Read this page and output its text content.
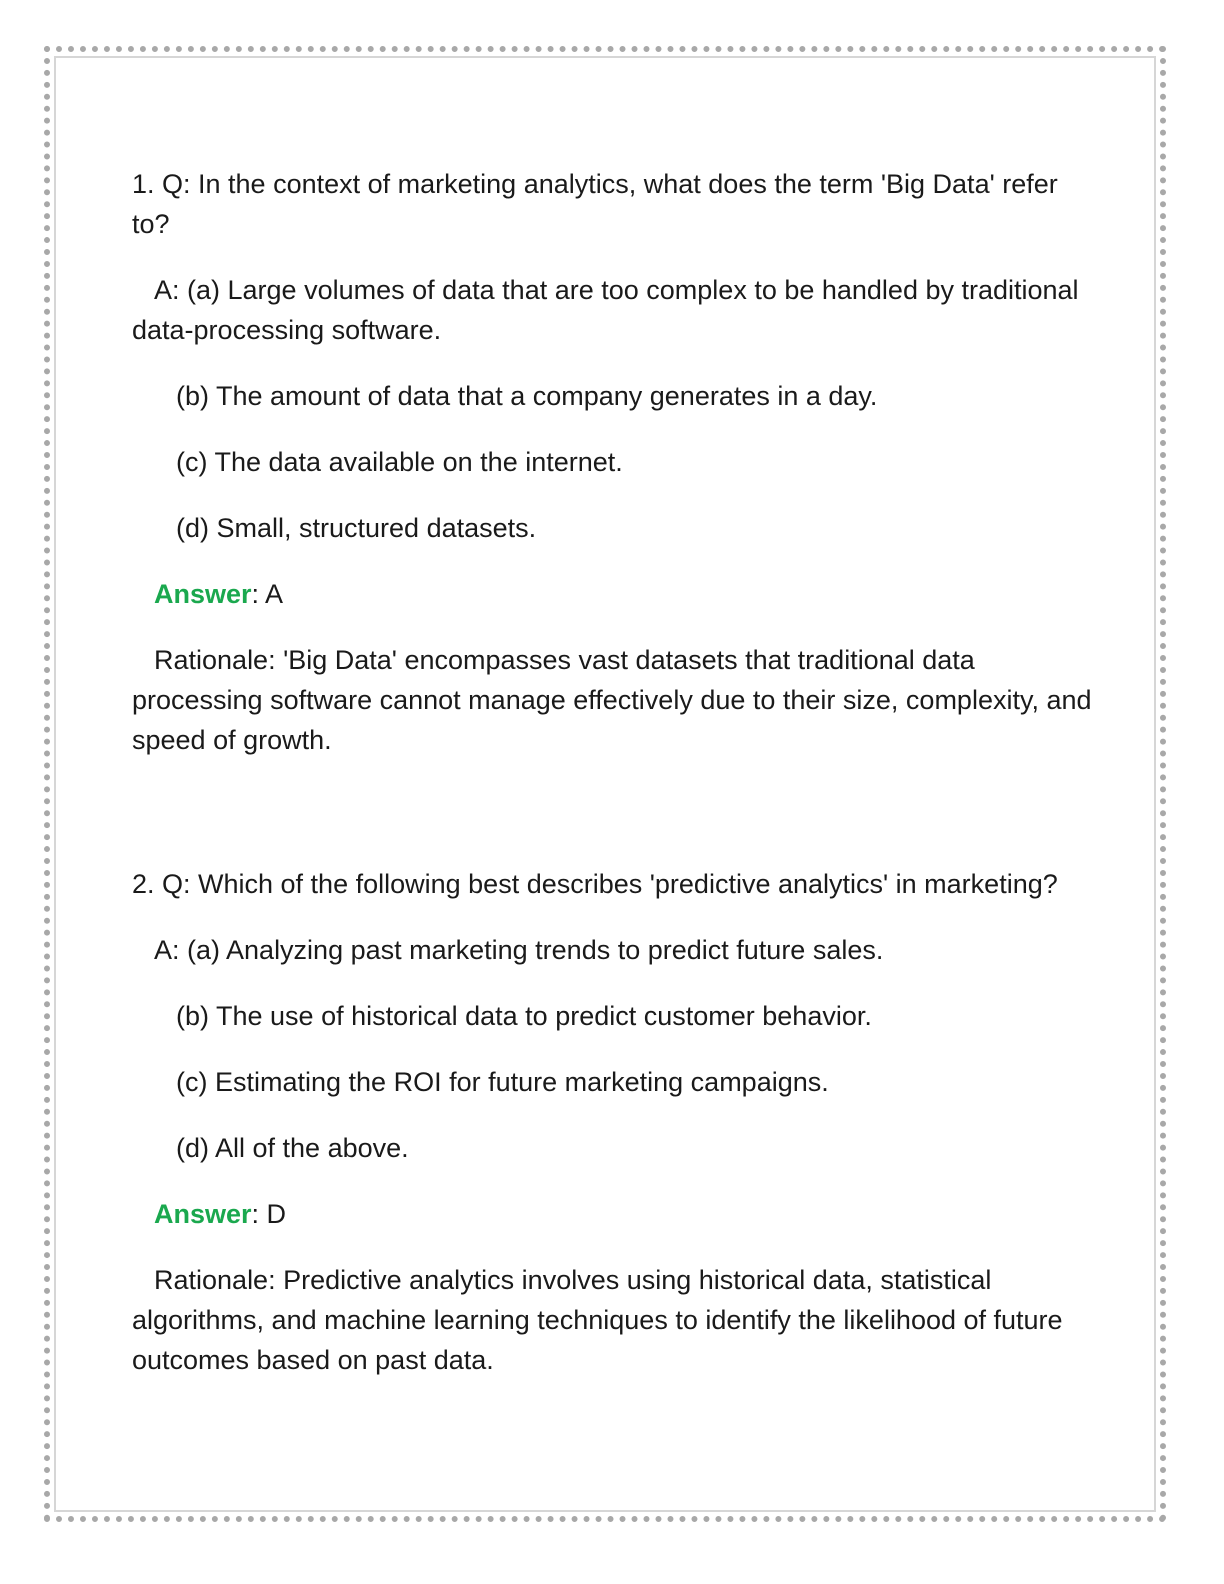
1. Q: In the context of marketing analytics, what does the term 'Big Data' refer to?

A: (a) Large volumes of data that are too complex to be handled by traditional data-processing software.

(b) The amount of data that a company generates in a day.

(c) The data available on the internet.

(d) Small, structured datasets.

Answer: A

Rationale: 'Big Data' encompasses vast datasets that traditional data processing software cannot manage effectively due to their size, complexity, and speed of growth.

2. Q: Which of the following best describes 'predictive analytics' in marketing?

A: (a) Analyzing past marketing trends to predict future sales.

(b) The use of historical data to predict customer behavior.

(c) Estimating the ROI for future marketing campaigns.

(d) All of the above.

Answer: D

Rationale: Predictive analytics involves using historical data, statistical algorithms, and machine learning techniques to identify the likelihood of future outcomes based on past data.
